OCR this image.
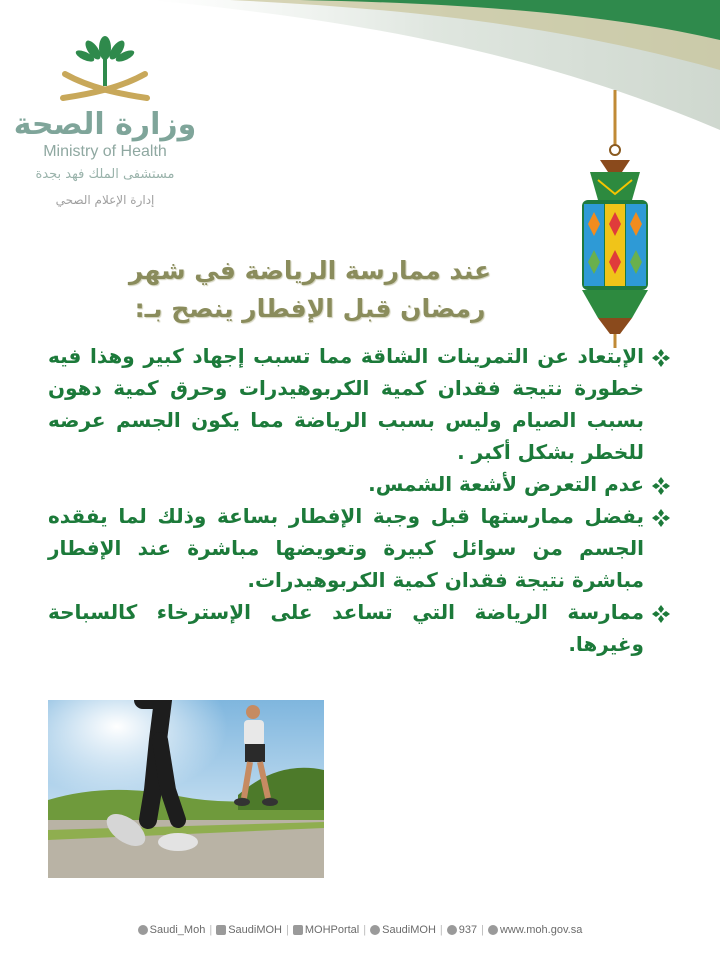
وزارة الصحة
Ministry of Health
مستشفى الملك فهد بجدة
إدارة الإعلام الصحي
عند ممارسة الرياضة في شهر
رمضان قبل الإفطار ينصح بـ:
الإبتعاد عن التمرينات الشاقة مما تسبب إجهاد كبير وهذا فيه خطورة نتيجة فقدان كمية الكربوهيدرات وحرق كمية دهون بسبب الصيام وليس بسبب الرياضة مما يكون الجسم عرضه للخطر بشكل أكبر .
عدم التعرض لأشعة الشمس.
يفضل ممارستها قبل وجبة الإفطار بساعة وذلك لما يفقده الجسم من سوائل كبيرة وتعويضها مباشرة عند الإفطار مباشرة نتيجة فقدان كمية الكربوهيدرات.
ممارسة الرياضة التي تساعد على الإسترخاء كالسباحة وغيرها.
www.moh.gov.sa
|
937
|
SaudiMOH
|
MOHPortal
|
SaudiMOH
|
Saudi_Moh
